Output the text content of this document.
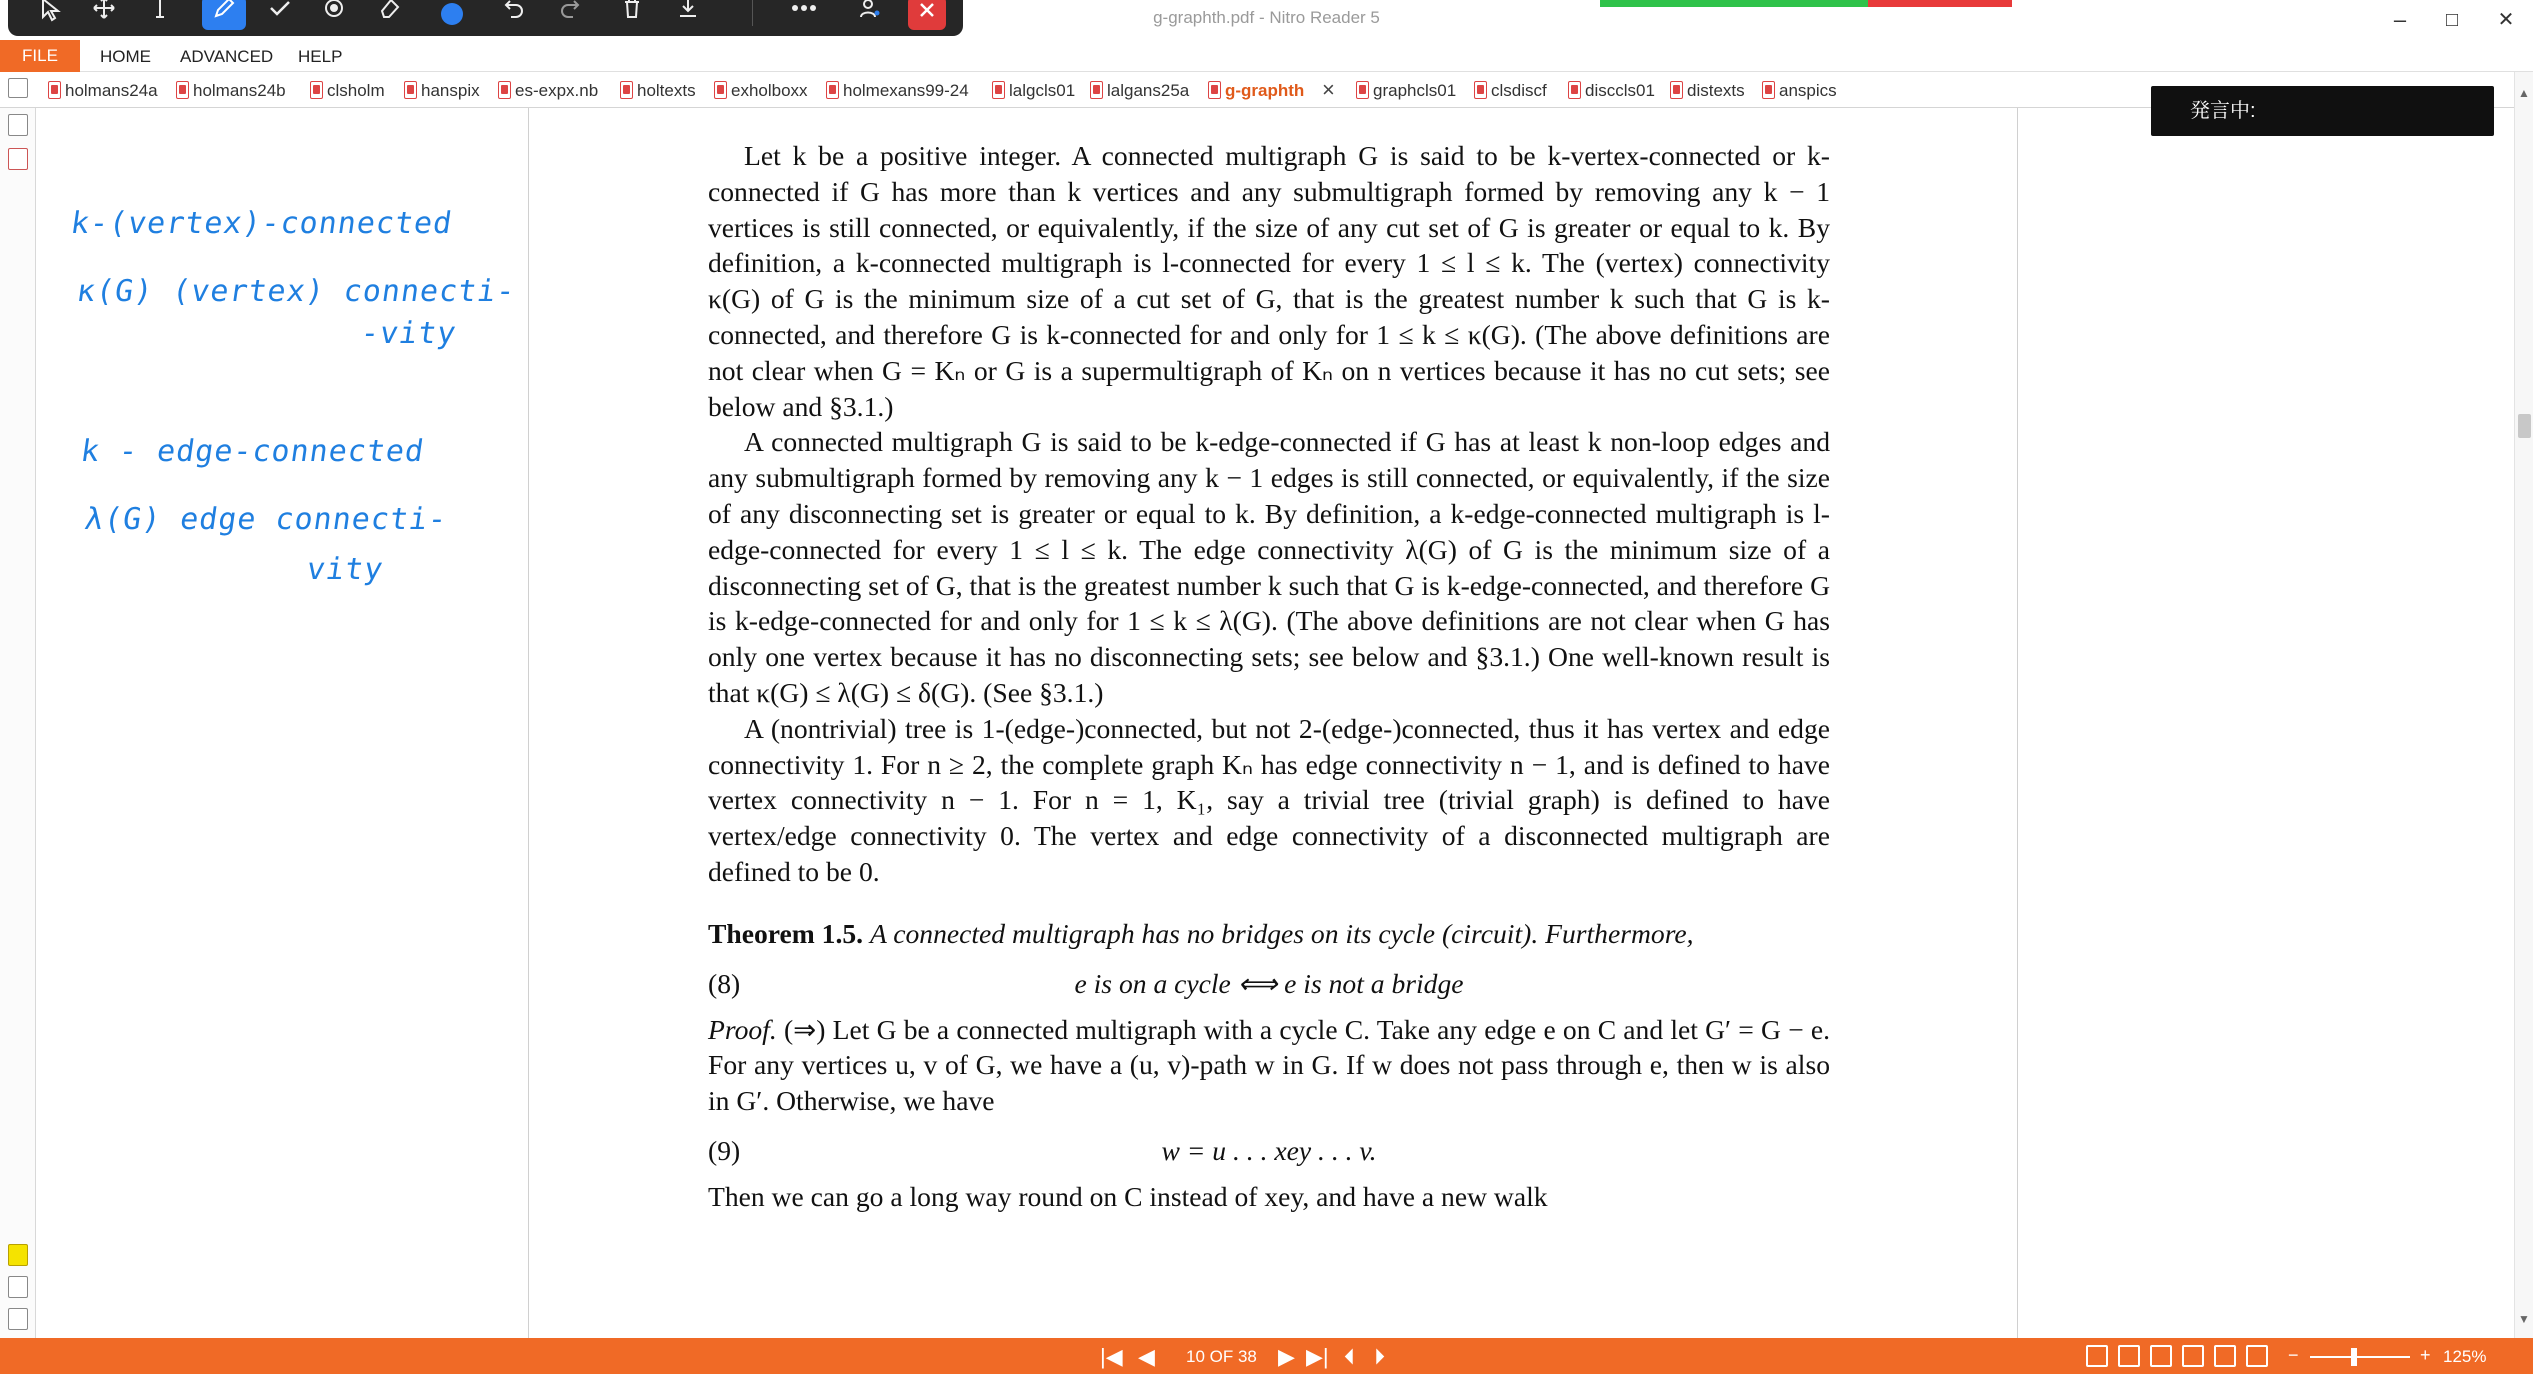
g-graphth.pdf - Nitro Reader 5	–	□	✕
HOME ADVANCED HELP
FILE
holmans24a	holmans24b	clsholm	hanspix	es-expx.nb	holtexts	exholboxx	holmexans99-24	lalgcls01	lalgans25a	g-graphth ×	graphcls01	clsdiscf	disccls01	distexts	anspics
k-(vertex)-connected
κ(G) (vertex) connecti-
-vity
k - edge-connected
λ(G) edge connecti-
vity

Let k be a positive integer. A connected multigraph G is said to be k-vertex-connected or k-connected if G has more than k vertices and any submultigraph formed by removing any k − 1 vertices is still connected, or equivalently, if the size of any cut set of G is greater or equal to k. By definition, a k-connected multigraph is l-connected for every 1 ≤ l ≤ k. The (vertex) connectivity κ(G) of G is the minimum size of a cut set of G, that is the greatest number k such that G is k-connected, and therefore G is k-connected for and only for 1 ≤ k ≤ κ(G). (The above definitions are not clear when G = Kₙ or G is a supermultigraph of Kₙ on n vertices because it has no cut sets; see below and §3.1.)

A connected multigraph G is said to be k-edge-connected if G has at least k non-loop edges and any submultigraph formed by removing any k − 1 edges is still connected, or equivalently, if the size of any disconnecting set is greater or equal to k. By definition, a k-edge-connected multigraph is l-edge-connected for every 1 ≤ l ≤ k. The edge connectivity λ(G) of G is the minimum size of a disconnecting set of G, that is the greatest number k such that G is k-edge-connected, and therefore G is k-edge-connected for and only for 1 ≤ k ≤ λ(G). (The above definitions are not clear when G has only one vertex because it has no disconnecting sets; see below and §3.1.) One well-known result is that κ(G) ≤ λ(G) ≤ δ(G). (See §3.1.)

A (nontrivial) tree is 1-(edge-)connected, but not 2-(edge-)connected, thus it has vertex and edge connectivity 1. For n ≥ 2, the complete graph Kₙ has edge connectivity n − 1, and is defined to have vertex connectivity n − 1. For n = 1, K₁, say a trivial tree (trivial graph) is defined to have vertex/edge connectivity 0. The vertex and edge connectivity of a disconnected multigraph are defined to be 0.

Theorem 1.5. A connected multigraph has no bridges on its cycle (circuit). Furthermore,

(8)	e is on a cycle ⟺ e is not a bridge

Proof. (⇒) Let G be a connected multigraph with a cycle C. Take any edge e on C and let G′ = G − e. For any vertices u, v of G, we have a (u, v)-path w in G. If w does not pass through e, then w is also in G′. Otherwise, we have

(9)	w = u . . . xey . . . v.

Then we can go a long way round on C instead of xey, and have a new walk

発言中:
▲
▼
|◀ ◀ 10 OF 38 ▶ ▶| ⏴ ⏵	−	+ 125%
